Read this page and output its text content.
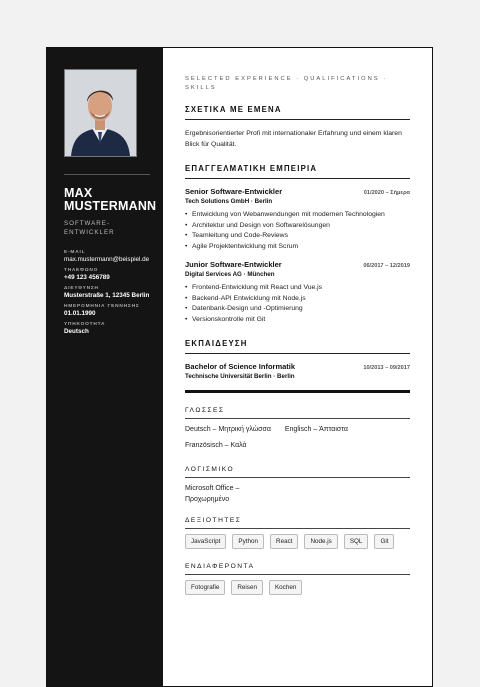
MAX
MUSTERMANN
SOFTWARE-
ENTWICKLER
E-MAIL
max.mustermann@beispiel.de
ΤΗΛΕΦΩΝΟ
+49 123 456789
ΔΙΕΥΘΥΝΣΗ
Musterstraße 1, 12345 Berlin
ΗΜΕΡΟΜΗΝΙΑ ΓΕΝΝΗΣΗΣ
01.01.1990
ΥΠΗΚΟΟΤΗΤΑ
Deutsch
SELECTED EXPERIENCE · QUALIFICATIONS ·
SKILLS
ΣΧΕΤΙΚΑ ΜΕ ΕΜΕΝΑ
Ergebnisorientierter Profi mit internationaler Erfahrung und einem klaren Blick für Qualität.
ΕΠΑΓΓΕΛΜΑΤΙΚΗ ΕΜΠΕΙΡΙΑ
Senior Software-Entwickler	01/2020 – Σήμερα
Tech Solutions GmbH · Berlin
• Entwicklung von Webanwendungen mit modernen Technologien
• Architektur und Design von Softwarelösungen
• Teamleitung und Code-Reviews
• Agile Projektentwicklung mit Scrum
Junior Software-Entwickler	06/2017 – 12/2019
Digital Services AG · München
• Frontend-Entwicklung mit React und Vue.js
• Backend-API Entwicklung mit Node.js
• Datenbank-Design und -Optimierung
• Versionskontrolle mit Git
ΕΚΠΑΙΔΕΥΣΗ
Bachelor of Science Informatik	10/2013 – 09/2017
Technische Universität Berlin · Berlin
ΓΛΩΣΣΕΣ
Deutsch – Μητρική γλώσσα Englisch – Άπταιστα
Französisch – Καλά
ΛΟΓΙΣΜΙΚΟ
Microsoft Office –
Προχωρημένο
ΔΕΞΙΟΤΗΤΕΣ
JavaScript	Python	React	Node.js	SQL	Git
ΕΝΔΙΑΦΕΡΟΝΤΑ
Fotografie	Reisen	Kochen
